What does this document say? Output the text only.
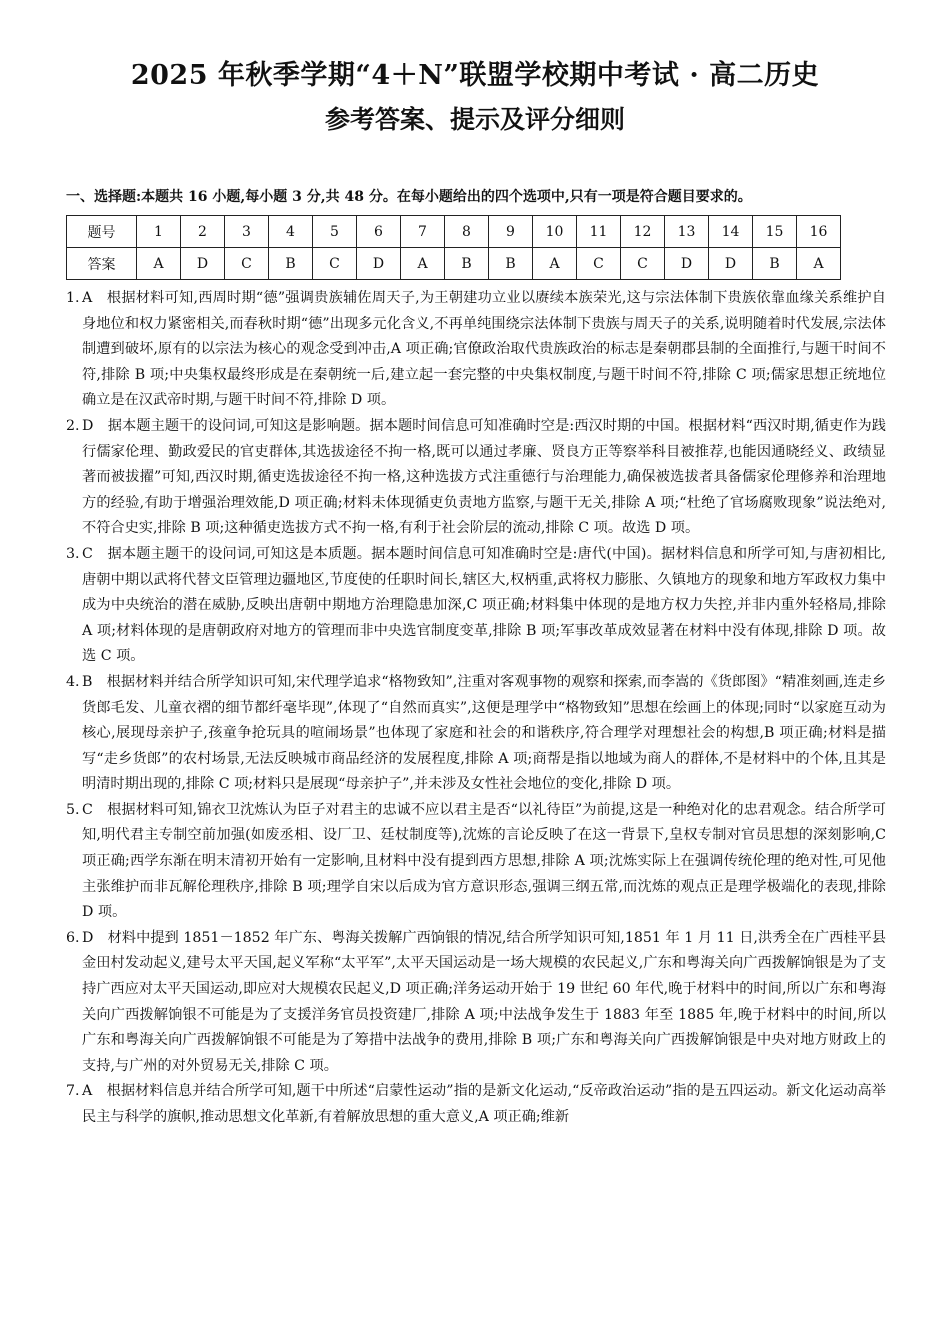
2025 年秋季学期“4＋N”联盟学校期中考试 · 高二历史
参考答案、提示及评分细则
一、选择题:本题共 16 小题,每小题 3 分,共 48 分。在每小题给出的四个选项中,只有一项是符合题目要求的。
题号	1	2	3	4	5	6	7	8	9	10	11	12	13	14	15	16
答案	A	D	C	B	C	D	A	B	B	A	C	C	D	D	B	A

1. A　根据材料可知,西周时期“德”强调贵族辅佐周天子,为王朝建功立业以赓续本族荣光,这与宗法体制下贵族依靠血缘关系维护自身地位和权力紧密相关,而春秋时期“德”出现多元化含义,不再单纯围绕宗法体制下贵族与周天子的关系,说明随着时代发展,宗法体制遭到破坏,原有的以宗法为核心的观念受到冲击,A 项正确;官僚政治取代贵族政治的标志是秦朝郡县制的全面推行,与题干时间不符,排除 B 项;中央集权最终形成是在秦朝统一后,建立起一套完整的中央集权制度,与题干时间不符,排除 C 项;儒家思想正统地位确立是在汉武帝时期,与题干时间不符,排除 D 项。

2. D　据本题主题干的设问词,可知这是影响题。据本题时间信息可知准确时空是:西汉时期的中国。根据材料“西汉时期,循吏作为践行儒家伦理、勤政爱民的官吏群体,其选拔途径不拘一格,既可以通过孝廉、贤良方正等察举科目被推荐,也能因通晓经义、政绩显著而被拔擢”可知,西汉时期,循吏选拔途径不拘一格,这种选拔方式注重德行与治理能力,确保被选拔者具备儒家伦理修养和治理地方的经验,有助于增强治理效能,D 项正确;材料未体现循吏负责地方监察,与题干无关,排除 A 项;“杜绝了官场腐败现象”说法绝对,不符合史实,排除 B 项;这种循吏选拔方式不拘一格,有利于社会阶层的流动,排除 C 项。故选 D 项。

3. C　据本题主题干的设问词,可知这是本质题。据本题时间信息可知准确时空是:唐代(中国)。据材料信息和所学可知,与唐初相比,唐朝中期以武将代替文臣管理边疆地区,节度使的任职时间长,辖区大,权柄重,武将权力膨胀、久镇地方的现象和地方军政权力集中成为中央统治的潜在威胁,反映出唐朝中期地方治理隐患加深,C 项正确;材料集中体现的是地方权力失控,并非内重外轻格局,排除 A 项;材料体现的是唐朝政府对地方的管理而非中央选官制度变革,排除 B 项;军事改革成效显著在材料中没有体现,排除 D 项。故选 C 项。

4. B　根据材料并结合所学知识可知,宋代理学追求“格物致知”,注重对客观事物的观察和探索,而李嵩的《货郎图》“精准刻画,连走乡货郎毛发、儿童衣褶的细节都纤毫毕现”,体现了“自然而真实”,这便是理学中“格物致知”思想在绘画上的体现;同时“以家庭互动为核心,展现母亲护子,孩童争抢玩具的喧闹场景”也体现了家庭和社会的和谐秩序,符合理学对理想社会的构想,B 项正确;材料是描写“走乡货郎”的农村场景,无法反映城市商品经济的发展程度,排除 A 项;商帮是指以地域为商人的群体,不是材料中的个体,且其是明清时期出现的,排除 C 项;材料只是展现“母亲护子”,并未涉及女性社会地位的变化,排除 D 项。

5. C　根据材料可知,锦衣卫沈炼认为臣子对君主的忠诚不应以君主是否“以礼待臣”为前提,这是一种绝对化的忠君观念。结合所学可知,明代君主专制空前加强(如废丞相、设厂卫、廷杖制度等),沈炼的言论反映了在这一背景下,皇权专制对官员思想的深刻影响,C 项正确;西学东渐在明末清初开始有一定影响,且材料中没有提到西方思想,排除 A 项;沈炼实际上在强调传统伦理的绝对性,可见他主张维护而非瓦解伦理秩序,排除 B 项;理学自宋以后成为官方意识形态,强调三纲五常,而沈炼的观点正是理学极端化的表现,排除 D 项。

6. D　材料中提到 1851－1852 年广东、粤海关拨解广西饷银的情况,结合所学知识可知,1851 年 1 月 11 日,洪秀全在广西桂平县金田村发动起义,建号太平天国,起义军称“太平军”,太平天国运动是一场大规模的农民起义,广东和粤海关向广西拨解饷银是为了支持广西应对太平天国运动,即应对大规模农民起义,D 项正确;洋务运动开始于 19 世纪 60 年代,晚于材料中的时间,所以广东和粤海关向广西拨解饷银不可能是为了支援洋务官员投资建厂,排除 A 项;中法战争发生于 1883 年至 1885 年,晚于材料中的时间,所以广东和粤海关向广西拨解饷银不可能是为了筹措中法战争的费用,排除 B 项;广东和粤海关向广西拨解饷银是中央对地方财政上的支持,与广州的对外贸易无关,排除 C 项。

7. A　根据材料信息并结合所学可知,题干中所述“启蒙性运动”指的是新文化运动,“反帝政治运动”指的是五四运动。新文化运动高举民主与科学的旗帜,推动思想文化革新,有着解放思想的重大意义,A 项正确;维新
